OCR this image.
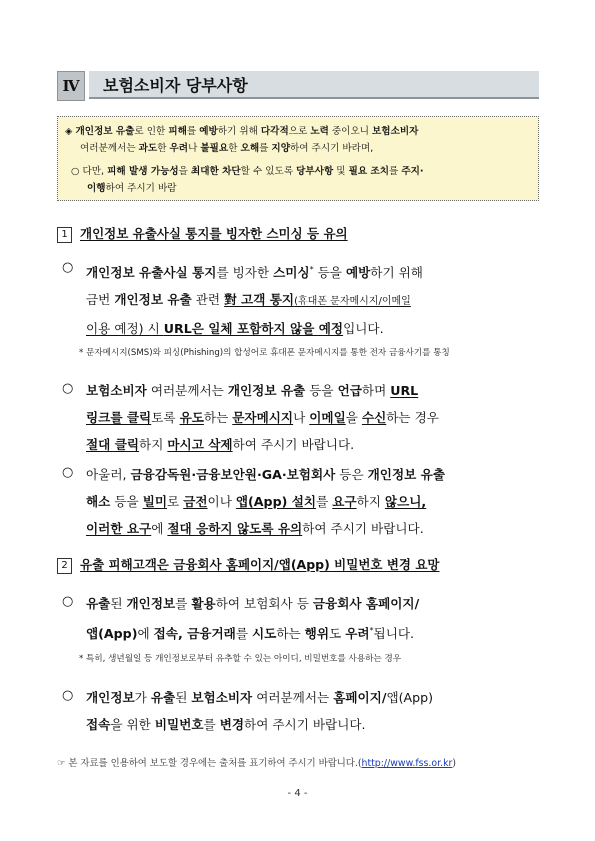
Ⅳ	보험소비자 당부사항
◈ 개인정보 유출로 인한 피해를 예방하기 위해 다각적으로 노력 중이오니 보험소비자
여러분께서는 과도한 우려나 불필요한 오해를 지양하여 주시기 바라며,
○ 다만, 피해 발생 가능성을 최대한 차단할 수 있도록 당부사항 및 필요 조치를 주지·
이행하여 주시기 바람
1 개인정보 유출사실 통지를 빙자한 스미싱 등 유의
○ 개인정보 유출사실 통지를 빙자한 스미싱* 등을 예방하기 위해
금번 개인정보 유출 관련 對 고객 통지(휴대폰 문자메시지/이메일
이용 예정) 시 URL은 일체 포함하지 않을 예정입니다.
* 문자메시지(SMS)와 피싱(Phishing)의 합성어로 휴대폰 문자메시지를 통한 전자 금융사기를 통칭
○ 보험소비자 여러분께서는 개인정보 유출 등을 언급하며 URL
링크를 클릭토록 유도하는 문자메시지나 이메일을 수신하는 경우
절대 클릭하지 마시고 삭제하여 주시기 바랍니다.
○ 아울러, 금융감독원·금융보안원·GA·보험회사 등은 개인정보 유출
해소 등을 빌미로 금전이나 앱(App) 설치를 요구하지 않으니,
이러한 요구에 절대 응하지 않도록 유의하여 주시기 바랍니다.
2 유출 피해고객은 금융회사 홈페이지/앱(App) 비밀번호 변경 요망
○ 유출된 개인정보를 활용하여 보험회사 등 금융회사 홈페이지/
앱(App)에 접속, 금융거래를 시도하는 행위도 우려*됩니다.
* 특히, 생년월일 등 개인정보로부터 유추할 수 있는 아이디, 비밀번호를 사용하는 경우
○ 개인정보가 유출된 보험소비자 여러분께서는 홈페이지/앱(App)
접속을 위한 비밀번호를 변경하여 주시기 바랍니다.
☞ 본 자료를 인용하여 보도할 경우에는 출처를 표기하여 주시기 바랍니다.(http://www.fss.or.kr)
- 4 -
